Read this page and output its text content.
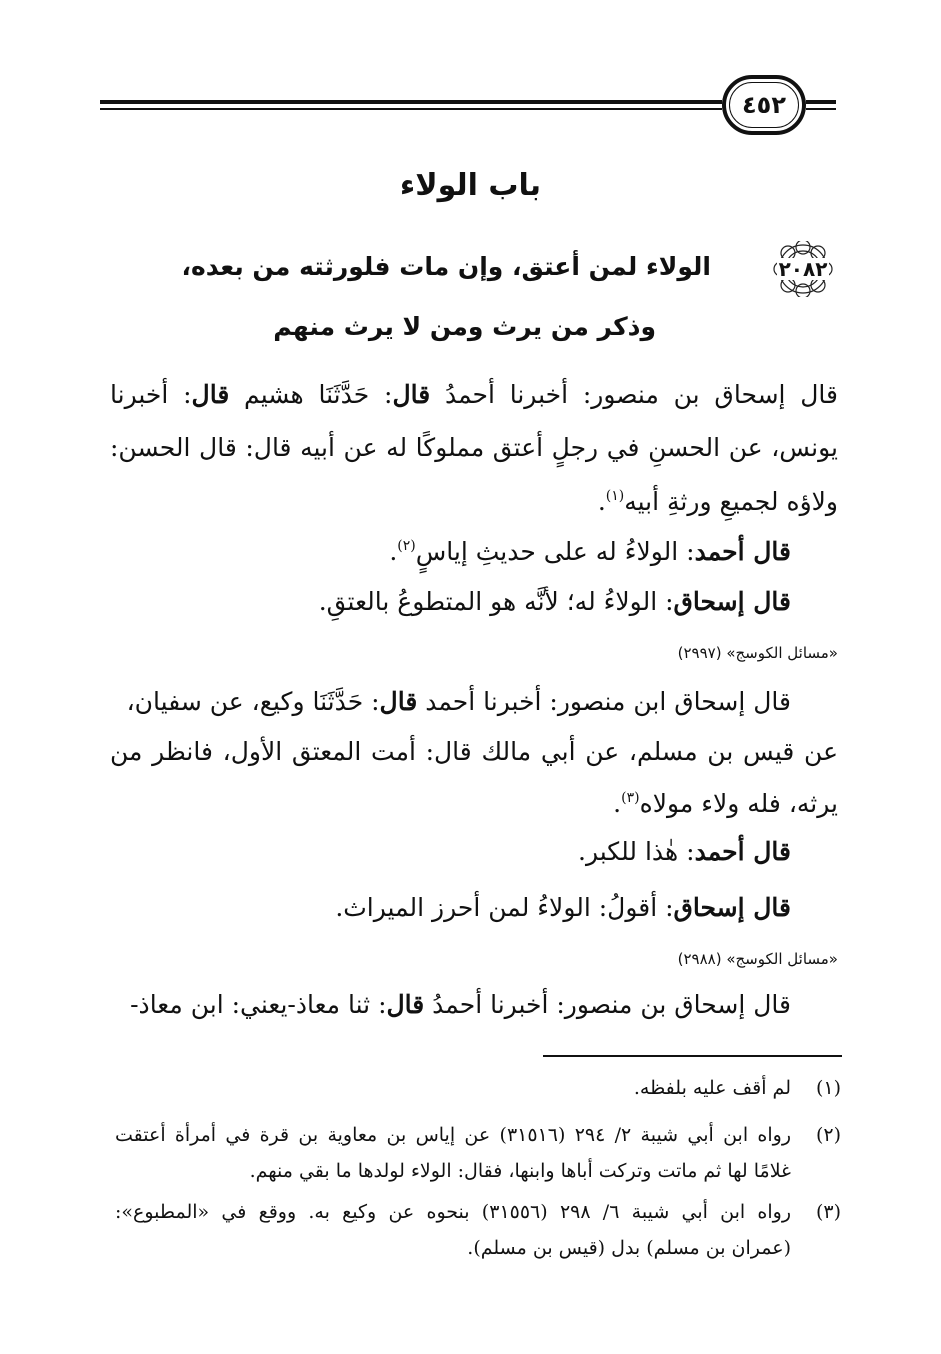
٤٥٢
باب الولاء
٢٠٨٢
الولاء لمن أعتق، وإن مات فلورثته من بعده،
وذكر من يرث ومن لا يرث منهم
قال إسحاق بن منصور: أخبرنا أحمدُ قال: حَدَّثَنَا هشيم قال: أخبرنا
يونس، عن الحسنِ في رجلٍ أعتق مملوكًا له عن أبيه قال: قال الحسن:
ولاؤه لجميعِ ورثةِ أبيه$^{(١)}$.
قال أحمد: الولاءُ له على حديثِ إياسٍ$^{(٢)}$.
قال إسحاق: الولاءُ له؛ لأنَّه هو المتطوعُ بالعتقِ.
«مسائل الكوسج» (٢٩٩٧)
قال إسحاق ابن منصور: أخبرنا أحمد قال: حَدَّثَنَا وكيع، عن سفيان،
عن قيس بن مسلم، عن أبي مالك قال: أمت المعتق الأول، فانظر من
يرثه، فله ولاء مولاه$^{(٣)}$.
قال أحمد: هٰذا للكبر.
قال إسحاق: أقولُ: الولاءُ لمن أحرز الميراث.
«مسائل الكوسج» (٢٩٨٨)
قال إسحاق بن منصور: أخبرنا أحمدُ قال: ثنا معاذ-يعني: ابن معاذ-
(١)
لم أقف عليه بلفظه.
(٢)
رواه ابن أبي شيبة ٢/ ٢٩٤ (٣١٥١٦) عن إياس بن معاوية بن قرة في أمرأة أعتقت
غلامًا لها ثم ماتت وتركت أباها وابنها، فقال: الولاء لولدها ما بقي منهم.
(٣)
رواه ابن أبي شيبة ٦/ ٢٩٨ (٣١٥٥٦) بنحوه عن وكيع به. ووقع في «المطبوع»:
(عمران بن مسلم) بدل (قيس بن مسلم).
